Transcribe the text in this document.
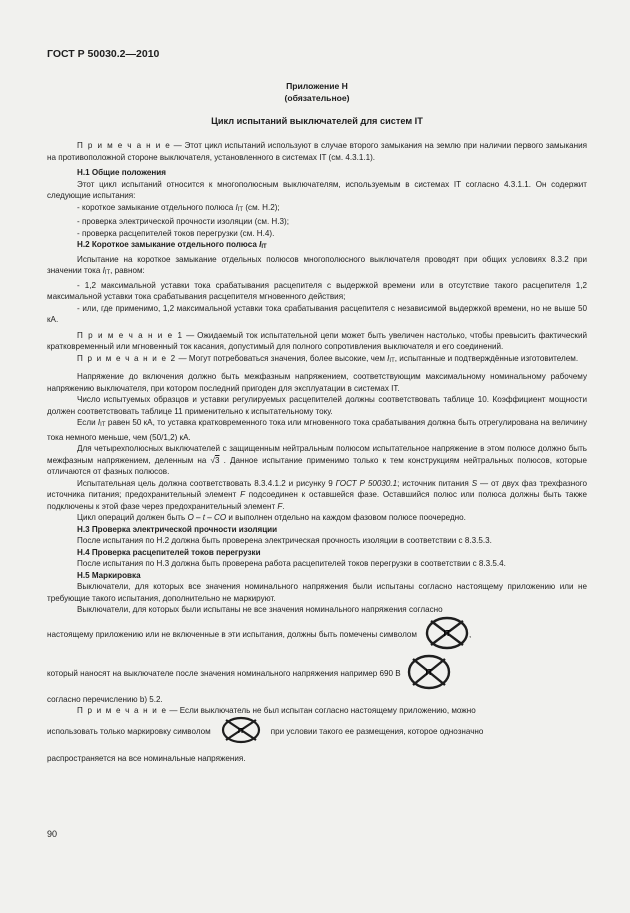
ГОСТ Р 50030.2—2010
Приложение Н
(обязательное)
Цикл испытаний выключателей для систем IT

П р и м е ч а н и е — Этот цикл испытаний используют в случае второго замыкания на землю при наличии первого замыкания на противоположной стороне выключателя, установленного в системах IT (см. 4.3.1.1).

Н.1 Общие положения

Этот цикл испытаний относится к многополюсным выключателям, используемым в системах IT согласно 4.3.1.1. Он содержит следующие испытания:

- короткое замыкание отдельного полюса IIT (см. Н.2);

- проверка электрической прочности изоляции (см. Н.3);

- проверка расцепителей токов перегрузки (см. Н.4).

Н.2 Короткое замыкание отдельного полюса IIT

Испытание на короткое замыкание отдельных полюсов многополюсного выключателя проводят при общих условиях 8.3.2 при значении тока IIT, равном:

- 1,2 максимальной уставки тока срабатывания расцепителя с выдержкой времени или в отсутствие такого расцепителя 1,2 максимальной уставки тока срабатывания расцепителя мгновенного действия;

- или, где применимо, 1,2 максимальной уставки тока срабатывания расцепителя с независимой выдержкой времени, но не выше 50 кА.

П р и м е ч а н и е 1 — Ожидаемый ток испытательной цепи может быть увеличен настолько, чтобы превысить фактический кратковременный или мгновенный ток касания, допустимый для полного сопротивления выключателя и его соединений.

П р и м е ч а н и е 2 — Могут потребоваться значения, более высокие, чем IIT, испытанные и подтверждённые изготовителем.

Напряжение до включения должно быть межфазным напряжением, соответствующим максимальному номинальному рабочему напряжению выключателя, при котором последний пригоден для эксплуатации в системах IT.

Число испытуемых образцов и уставки регулируемых расцепителей должны соответствовать таблице 10. Коэффициент мощности должен соответствовать таблице 11 применительно к испытательному току.

Если IIT равен 50 кА, то уставка кратковременного тока или мгновенного тока срабатывания должна быть отрегулирована на величину тока немного меньше, чем (50/1,2) кА.

Для четырехполюсных выключателей с защищенным нейтральным полюсом испытательное напряжение в этом полюсе должно быть межфазным напряжением, деленным на √3 . Данное испытание применимо только к тем конструкциям нейтральных полюсов, которые отличаются от фазных полюсов.

Испытательная цель должна соответствовать 8.3.4.1.2 и рисунку 9 ГОСТ Р 50030.1; источник питания S — от двух фаз трехфазного источника питания; предохранительный элемент F подсоединен к оставшейся фазе. Оставшийся полюс или полюса должны быть также подключены к этой фазе через предохранительный элемент F.

Цикл операций должен быть O – t – CO и выполнен отдельно на каждом фазовом полюсе поочередно.

Н.3 Проверка электрической прочности изоляции

После испытания по Н.2 должна быть проверена электрическая прочность изоляции в соответствии с 8.3.5.3.

Н.4 Проверка расцепителей токов перегрузки

После испытания по Н.3 должна быть проверена работа расцепителей токов перегрузки в соответствии с 8.3.5.4.

Н.5 Маркировка

Выключатели, для которых все значения номинального напряжения были испытаны согласно настоящему приложению или не требующие такого испытания, дополнительно не маркируют.

Выключатели, для которых были испытаны не все значения номинального напряжения согласно

настоящему приложению или не включенные в эти испытания, должны быть помечены символом	IT ,
который наносят на выключателе после значения номинального напряжения например 690 В	IT

согласно перечислению b) 5.2.

П р и м е ч а н и е — Если выключатель не был испытан согласно настоящему приложению, можно

использовать только маркировку символом	IT	при условии такого ее размещения, которое однозначно

распространяется на все номинальные напряжения.

90
